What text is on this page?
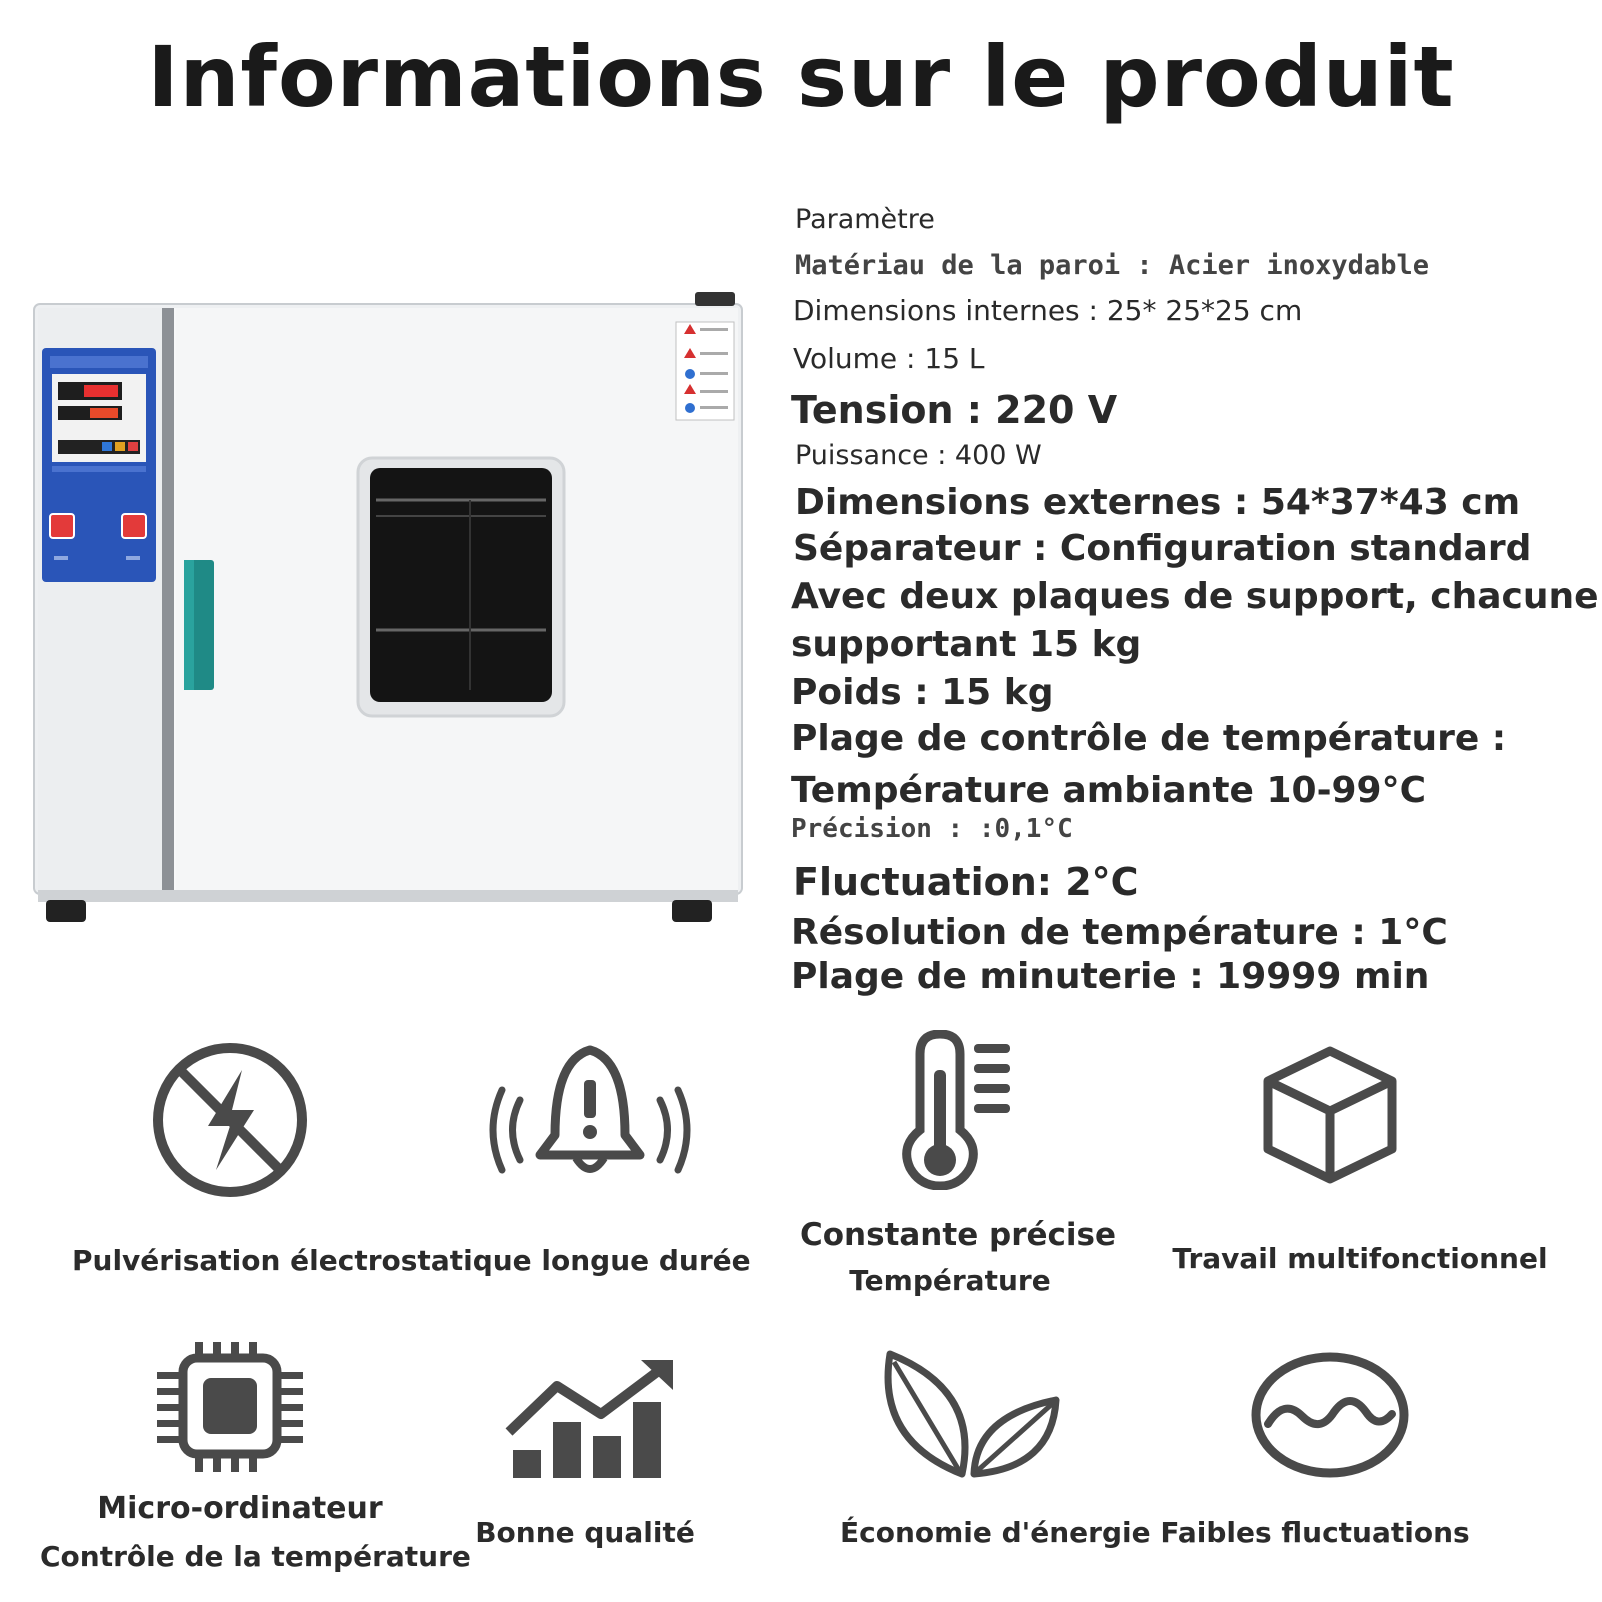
Informations sur le produit
Paramètre
Matériau de la paroi : Acier inoxydable
Dimensions internes : 25* 25*25 cm
Volume : 15 L
Tension : 220 V
Puissance : 400 W
Dimensions externes : 54*37*43 cm
Séparateur : Configuration standard
Avec deux plaques de support, chacune
supportant 15 kg
Poids : 15 kg
Plage de contrôle de température :
Température ambiante 10-99°C
Précision : :0,1°C
Fluctuation: 2°C
Résolution de température : 1°C
Plage de minuterie : 19999 min
Pulvérisation électrostatique longue durée
Constante précise
Température
Travail multifonctionnel
Micro-ordinateur
Contrôle de la température
Bonne qualité	Économie d'énergie Faibles fluctuations
